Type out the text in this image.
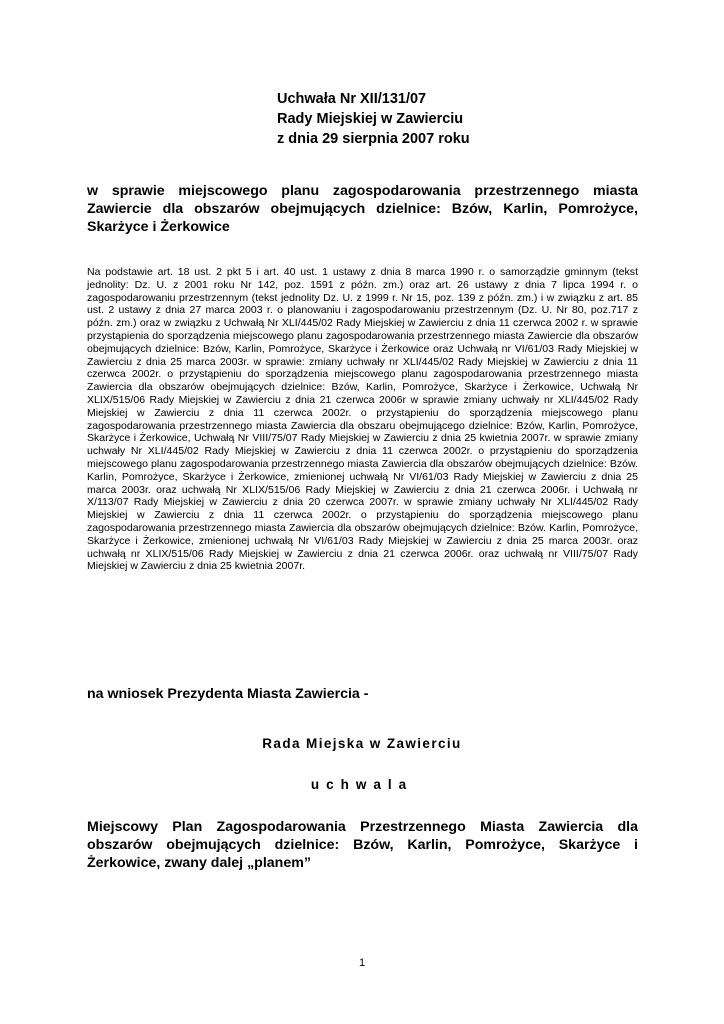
Uchwała Nr XII/131/07
Rady Miejskiej w Zawierciu
z dnia 29 sierpnia 2007 roku
w sprawie miejscowego planu zagospodarowania przestrzennego miasta Zawiercie dla obszarów obejmujących dzielnice: Bzów, Karlin, Pomrożyce, Skarżyce i Żerkowice
Na podstawie art. 18 ust. 2 pkt 5 i art. 40 ust. 1 ustawy z dnia 8 marca 1990 r. o samorządzie gminnym (tekst jednolity: Dz. U. z 2001 roku Nr 142, poz. 1591 z późn. zm.) oraz art. 26 ustawy z dnia 7 lipca 1994 r. o zagospodarowaniu przestrzennym (tekst jednolity Dz. U. z 1999 r. Nr 15, poz. 139 z późn. zm.) i w związku z art. 85 ust. 2 ustawy z dnia 27 marca 2003 r. o planowaniu i zagospodarowaniu przestrzennym (Dz. U. Nr 80, poz.717 z późn. zm.) oraz w związku z Uchwałą Nr XLI/445/02 Rady Miejskiej w Zawierciu z dnia 11 czerwca 2002 r. w sprawie przystąpienia do sporządzenia miejscowego planu zagospodarowania przestrzennego miasta Zawiercie dla obszarów obejmujących dzielnice: Bzów, Karlin, Pomrożyce, Skarżyce i Żerkowice oraz Uchwałą nr VI/61/03 Rady Miejskiej w Zawierciu z dnia 25 marca 2003r. w sprawie: zmiany uchwały nr XLI/445/02 Rady Miejskiej w Zawierciu z dnia 11 czerwca 2002r. o przystąpieniu do sporządzenia miejscowego planu zagospodarowania przestrzennego miasta Zawiercia dla obszarów obejmujących dzielnice: Bzów, Karlin, Pomrożyce, Skarżyce i Żerkowice, Uchwałą Nr XLIX/515/06 Rady Miejskiej w Zawierciu z dnia 21 czerwca 2006r w sprawie zmiany uchwały nr XLI/445/02 Rady Miejskiej w Zawierciu z dnia 11 czerwca 2002r. o przystąpieniu do sporządzenia miejscowego planu zagospodarowania przestrzennego miasta Zawiercia dla obszaru obejmującego dzielnice: Bzów, Karlin, Pomrożyce, Skarżyce i Żerkowice, Uchwałą Nr VIII/75/07 Rady Miejskiej w Zawierciu z dnia 25 kwietnia 2007r. w sprawie zmiany uchwały Nr XLI/445/02 Rady Miejskiej w Zawierciu z dnia 11 czerwca 2002r. o przystąpieniu do sporządzenia miejscowego planu zagospodarowania przestrzennego miasta Zawiercia dla obszarów obejmujących dzielnice: Bzów. Karlin, Pomrożyce, Skarżyce i Żerkowice, zmienionej uchwałą Nr VI/61/03 Rady Miejskiej w Zawierciu z dnia 25 marca 2003r. oraz uchwałą Nr XLIX/515/06 Rady Miejskiej w Zawierciu z dnia 21 czerwca 2006r. i Uchwałą nr X/113/07 Rady Miejskiej w Zawierciu z dnia 20 czerwca 2007r. w sprawie zmiany uchwały Nr XLI/445/02 Rady Miejskiej w Zawierciu z dnia 11 czerwca 2002r. o przystąpieniu do sporządzenia miejscowego planu zagospodarowania przestrzennego miasta Zawiercia dla obszarów obejmujących dzielnice: Bzów. Karlin, Pomrożyce, Skarżyce i Żerkowice, zmienionej uchwałą Nr VI/61/03 Rady Miejskiej w Zawierciu z dnia 25 marca 2003r. oraz uchwałą nr XLIX/515/06 Rady Miejskiej w Zawierciu z dnia 21 czerwca 2006r. oraz uchwałą nr VIII/75/07 Rady Miejskiej w Zawierciu z dnia 25 kwietnia 2007r.
na wniosek Prezydenta Miasta Zawiercia -
Rada Miejska w Zawierciu
uchwala
Miejscowy Plan Zagospodarowania Przestrzennego Miasta Zawiercia dla obszarów obejmujących dzielnice: Bzów, Karlin, Pomrożyce, Skarżyce i Żerkowice, zwany dalej „planem”
1
